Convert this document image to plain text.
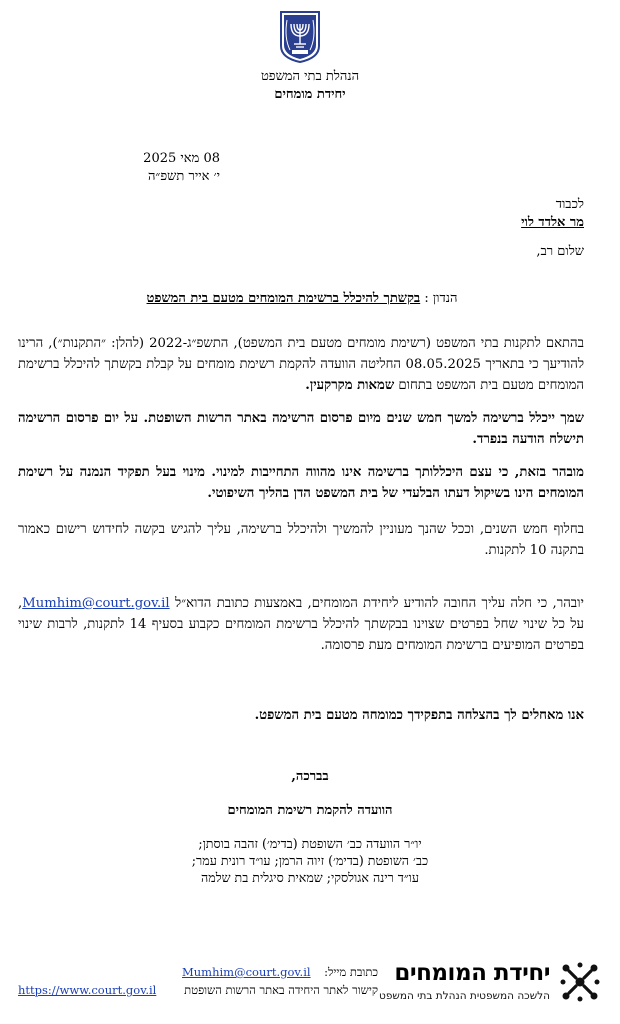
הנהלת בתי המשפט
יחידת מומחים
08 מאי 2025
י׳ אייר תשפ״ה
לכבוד
מר אלדד לוי
שלום רב,
הנדון : בקשתך להיכלל ברשימת המומחים מטעם בית המשפט
בהתאם לתקנות בתי המשפט (רשימת מומחים מטעם בית המשפט), התשפ״ג-2022 (להלן: ״התקנות״), הרינו להודיעך כי בתאריך 08.05.2025 החליטה הוועדה להקמת רשימת מומחים על קבלת בקשתך להיכלל ברשימת המומחים מטעם בית המשפט בתחום שמאות מקרקעין.
שמך ייכלל ברשימה למשך חמש שנים מיום פרסום הרשימה באתר הרשות השופטת. על יום פרסום הרשימה תישלח הודעה בנפרד.
מובהר בזאת, כי עצם היכללותך ברשימה אינו מהווה התחייבות למינוי. מינוי בעל תפקיד הנמנה על רשימת המומחים הינו בשיקול דעתו הבלעדי של בית המשפט הדן בהליך השיפוטי.
בחלוף חמש השנים, וככל שהנך מעוניין להמשיך ולהיכלל ברשימה, עליך להגיש בקשה לחידוש רישום כאמור בתקנה 10 לתקנות.
יובהר, כי חלה עליך החובה להודיע ליחידת המומחים, באמצעות כתובת הדוא״ל Mumhim@court.gov.il, על כל שינוי שחל בפרטים שצוינו בבקשתך להיכלל ברשימת המומחים כקבוע בסעיף 14 לתקנות, לרבות שינוי בפרטים המופיעים ברשימת המומחים מעת פרסומה.
אנו מאחלים לך בהצלחה בתפקידך כמומחה מטעם בית המשפט.
בברכה,
הוועדה להקמת רשימת המומחים
יו״ר הוועדה כב׳ השופטת (בדימ׳) זהבה בוסתן;
כב׳ השופטת (בדימ׳) זיוה הרמן; עו״ד רונית עמר;
עו״ד רינה אגולסקי; שמאית סיגלית בת שלמה
יחידת המומחים
הלשכה המשפטית הנהלת בתי המשפט
כתובת מייל:
Mumhim@court.gov.il
קישור לאתר היחידה באתר הרשות השופטת
https://www.court.gov.il
